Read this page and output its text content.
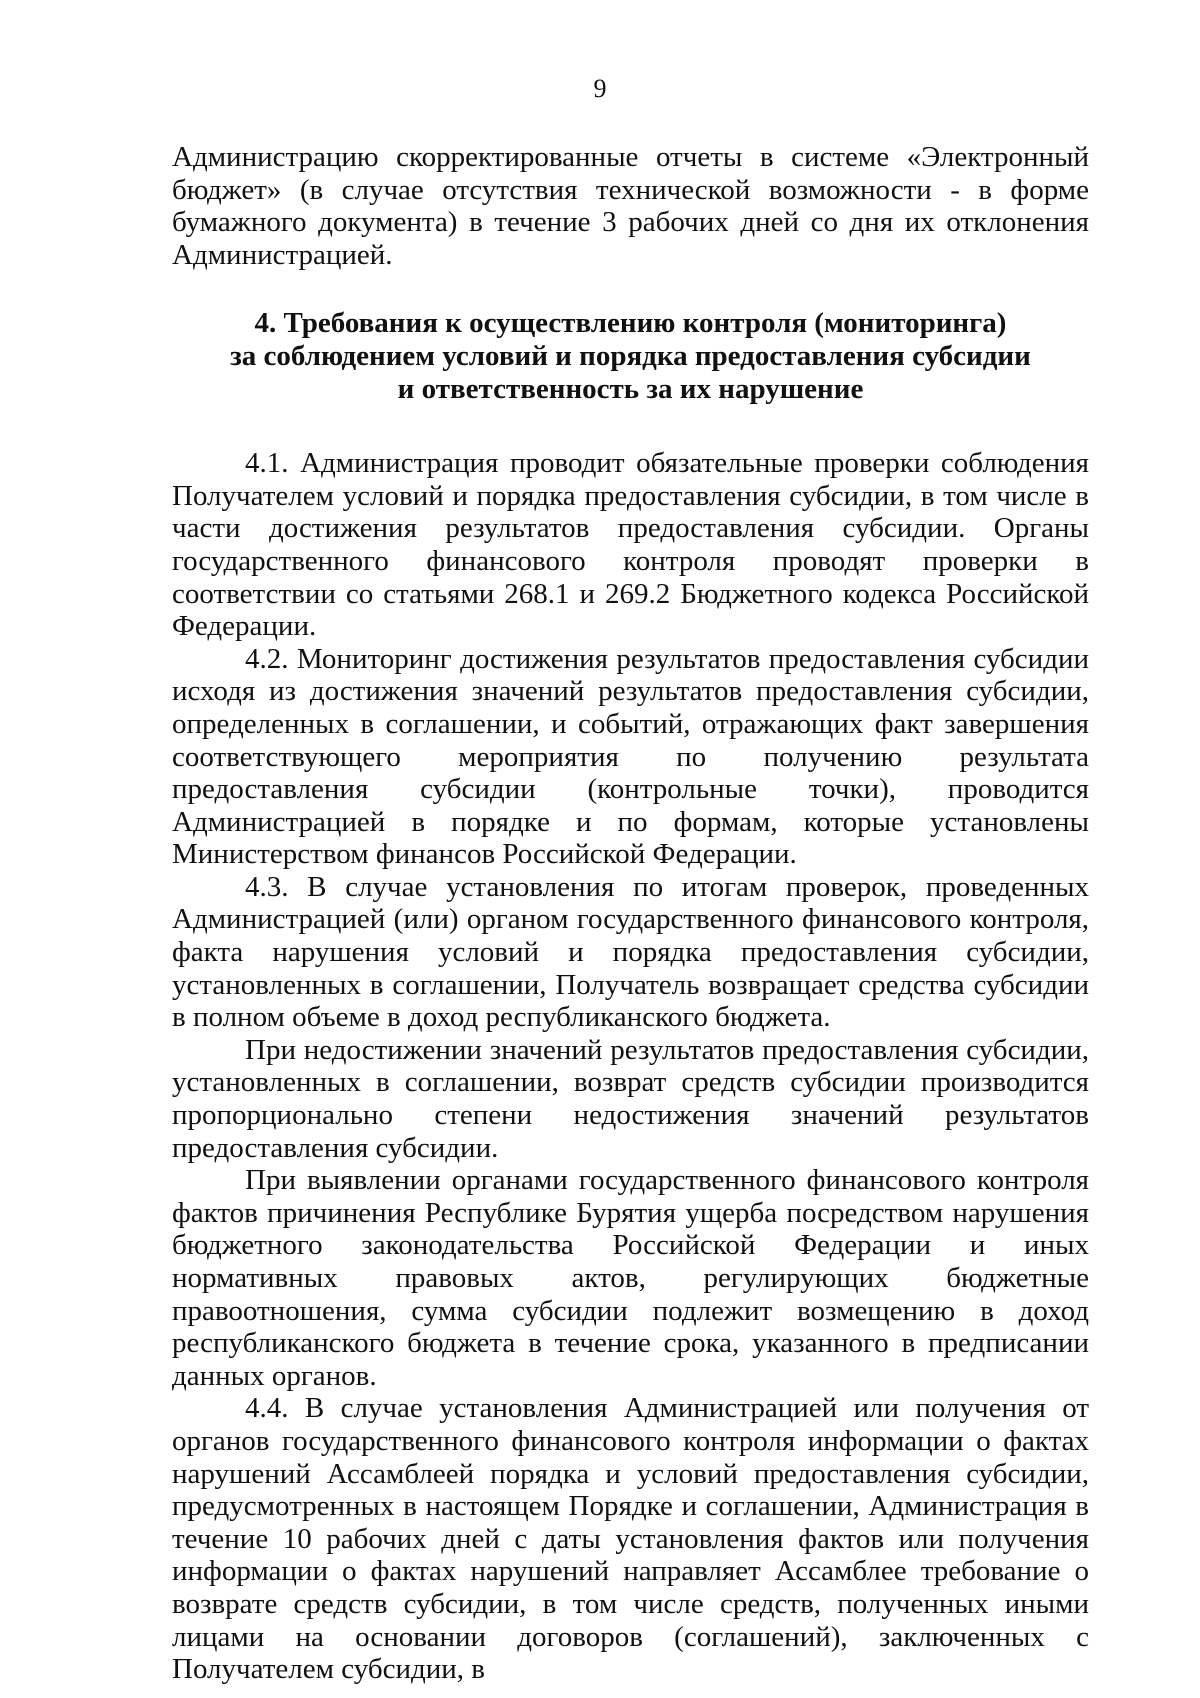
9

Администрацию скорректированные отчеты в системе «Электронный бюджет» (в случае отсутствия технической возможности - в форме бумажного документа) в течение 3 рабочих дней со дня их отклонения Администрацией.

4. Требования к осуществлению контроля (мониторинга)
за соблюдением условий и порядка предоставления субсидии
и ответственность за их нарушение

4.1. Администрация проводит обязательные проверки соблюдения Получателем условий и порядка предоставления субсидии, в том числе в части достижения результатов предоставления субсидии. Органы государственного финансового контроля проводят проверки в соответствии со статьями 268.1 и 269.2 Бюджетного кодекса Российской Федерации.

4.2. Мониторинг достижения результатов предоставления субсидии исходя из достижения значений результатов предоставления субсидии, определенных в соглашении, и событий, отражающих факт завершения соответствующего мероприятия по получению результата предоставления субсидии (контрольные точки), проводится Администрацией в порядке и по формам, которые установлены Министерством финансов Российской Федерации.

4.3. В случае установления по итогам проверок, проведенных Администрацией (или) органом государственного финансового контроля, факта нарушения условий и порядка предоставления субсидии, установленных в соглашении, Получатель возвращает средства субсидии в полном объеме в доход республиканского бюджета.

При недостижении значений результатов предоставления субсидии, установленных в соглашении, возврат средств субсидии производится пропорционально степени недостижения значений результатов предоставления субсидии.

При выявлении органами государственного финансового контроля фактов причинения Республике Бурятия ущерба посредством нарушения бюджетного законодательства Российской Федерации и иных нормативных правовых актов, регулирующих бюджетные правоотношения, сумма субсидии подлежит возмещению в доход республиканского бюджета в течение срока, указанного в предписании данных органов.

4.4. В случае установления Администрацией или получения от органов государственного финансового контроля информации о фактах нарушений Ассамблеей порядка и условий предоставления субсидии, предусмотренных в настоящем Порядке и соглашении, Администрация в течение 10 рабочих дней с даты установления фактов или получения информации о фактах нарушений направляет Ассамблее требование о возврате средств субсидии, в том числе средств, полученных иными лицами на основании договоров (соглашений), заключенных с Получателем субсидии, в
